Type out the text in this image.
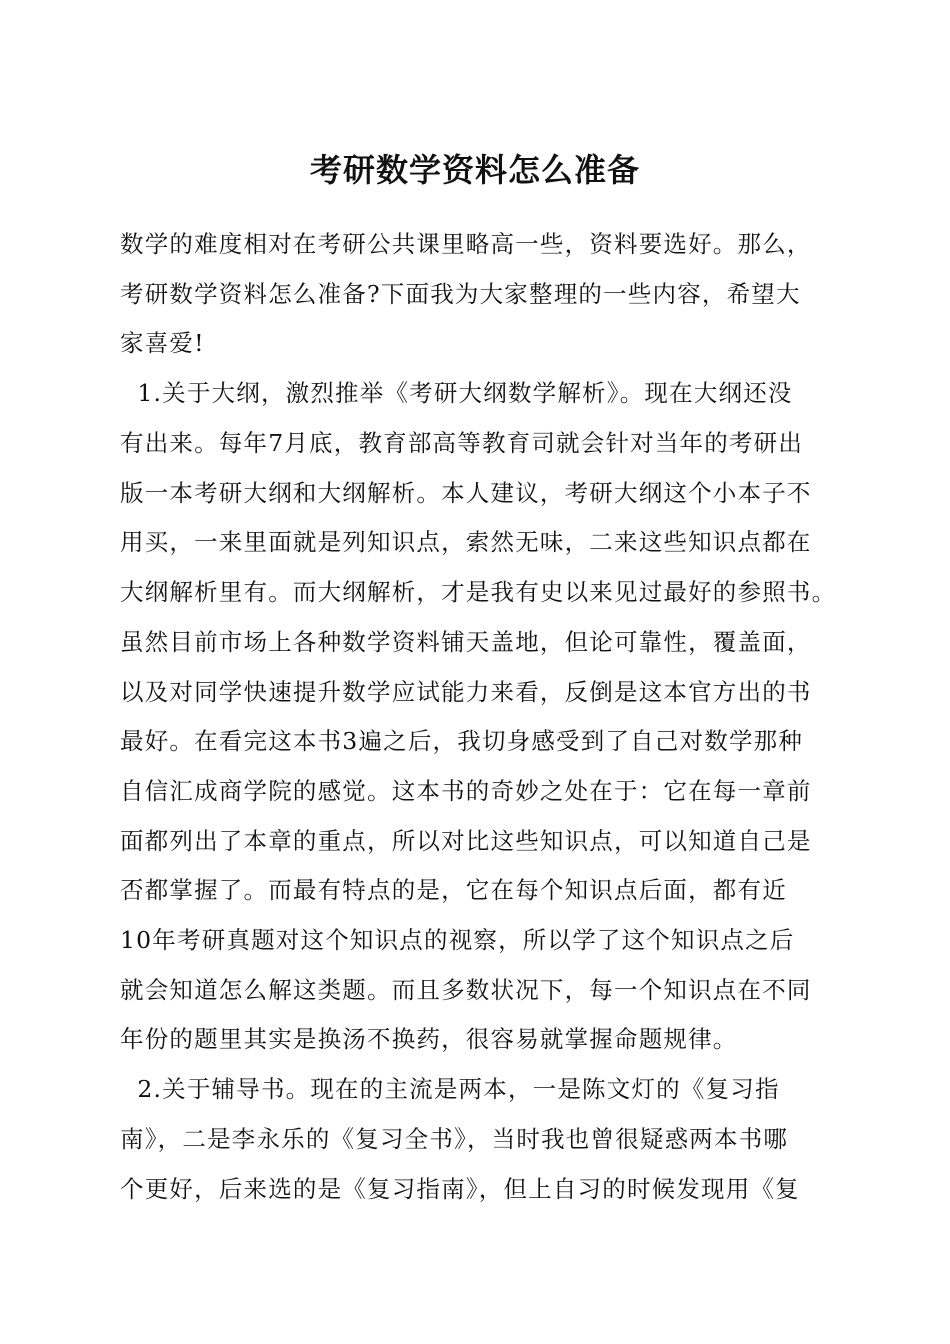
考研数学资料怎么准备
数学的难度相对在考研公共课里略高一些，资料要选好。那么，
考研数学资料怎么准备?下面我为大家整理的一些内容，希望大
家喜爱!
1.关于大纲，激烈推举《考研大纲数学解析》。现在大纲还没
有出来。每年7月底，教育部高等教育司就会针对当年的考研出
版一本考研大纲和大纲解析。本人建议，考研大纲这个小本子不
用买，一来里面就是列知识点，索然无味，二来这些知识点都在
大纲解析里有。而大纲解析，才是我有史以来见过最好的参照书。
虽然目前市场上各种数学资料铺天盖地，但论可靠性，覆盖面，
以及对同学快速提升数学应试能力来看，反倒是这本官方出的书
最好。在看完这本书3遍之后，我切身感受到了自己对数学那种
自信汇成商学院的感觉。这本书的奇妙之处在于：它在每一章前
面都列出了本章的重点，所以对比这些知识点，可以知道自己是
否都掌握了。而最有特点的是，它在每个知识点后面，都有近
10年考研真题对这个知识点的视察，所以学了这个知识点之后
就会知道怎么解这类题。而且多数状况下，每一个知识点在不同
年份的题里其实是换汤不换药，很容易就掌握命题规律。
2.关于辅导书。现在的主流是两本，一是陈文灯的《复习指
南》，二是李永乐的《复习全书》，当时我也曾很疑惑两本书哪
个更好，后来选的是《复习指南》，但上自习的时候发现用《复
